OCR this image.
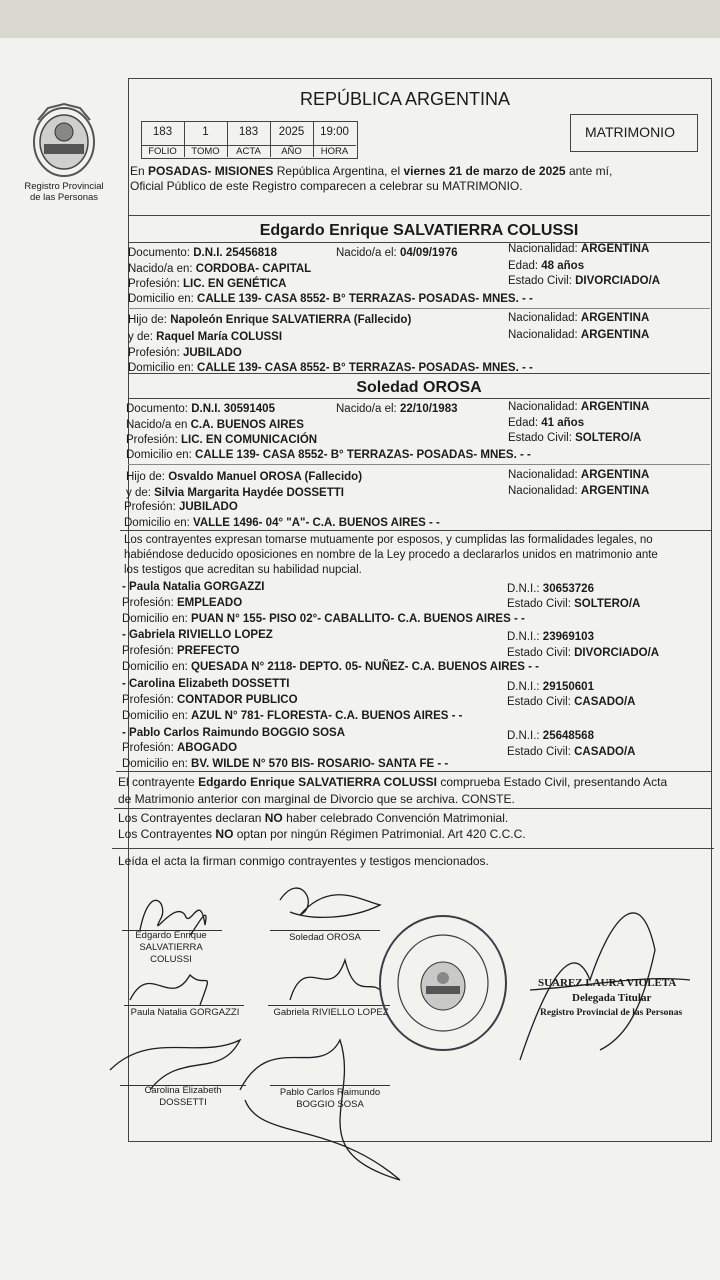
Registro Provincial
de las Personas
REPÚBLICA ARGENTINA
MATRIMONIO
183	1	183	2025	19:00
FOLIO	TOMO	ACTA	AÑO	HORA
En POSADAS- MISIONES República Argentina, el viernes 21 de marzo de 2025 ante mí,
Oficial Público de este Registro comparecen a celebrar su MATRIMONIO.
Edgardo Enrique SALVATIERRA COLUSSI
Documento: D.N.I. 25456818	Nacido/a el: 04/09/1976	Nacionalidad: ARGENTINA
Nacido/a en: CORDOBA- CAPITAL	Edad: 48 años
Profesión: LIC. EN GENÉTICA	Estado Civil: DIVORCIADO/A
Domicilio en: CALLE 139- CASA 8552- B° TERRAZAS- POSADAS- MNES. - -
Hijo de: Napoleón Enrique SALVATIERRA (Fallecido)	Nacionalidad: ARGENTINA
y de: Raquel María COLUSSI	Nacionalidad: ARGENTINA
Profesión: JUBILADO
Domicilio en: CALLE 139- CASA 8552- B° TERRAZAS- POSADAS- MNES. - -
Soledad OROSA
Documento: D.N.I. 30591405	Nacido/a el: 22/10/1983	Nacionalidad: ARGENTINA
Nacido/a en C.A. BUENOS AIRES	Edad: 41 años
Profesión: LIC. EN COMUNICACIÓN	Estado Civil: SOLTERO/A
Domicilio en: CALLE 139- CASA 8552- B° TERRAZAS- POSADAS- MNES. - -
Hijo de: Osvaldo Manuel OROSA (Fallecido)	Nacionalidad: ARGENTINA
y de: Silvia Margarita Haydée DOSSETTI	Nacionalidad: ARGENTINA
Profesión: JUBILADO
Domicilio en: VALLE 1496- 04° "A"- C.A. BUENOS AIRES - -
Los contrayentes expresan tomarse mutuamente por esposos, y cumplidas las formalidades legales, no
habiéndose deducido oposiciones en nombre de la Ley procedo a declararlos unidos en matrimonio ante
los testigos que acreditan su habilidad nupcial.
- Paula Natalia GORGAZZI	D.N.I.: 30653726
Profesión: EMPLEADO	Estado Civil: SOLTERO/A
Domicilio en: PUAN N° 155- PISO 02°- CABALLITO- C.A. BUENOS AIRES - -
- Gabriela RIVIELLO LOPEZ	D.N.I.: 23969103
Profesión: PREFECTO	Estado Civil: DIVORCIADO/A
Domicilio en: QUESADA N° 2118- DEPTO. 05- NUÑEZ- C.A. BUENOS AIRES - -
- Carolina Elizabeth DOSSETTI	D.N.I.: 29150601
Profesión: CONTADOR PUBLICO	Estado Civil: CASADO/A
Domicilio en: AZUL N° 781- FLORESTA- C.A. BUENOS AIRES - -
- Pablo Carlos Raimundo BOGGIO SOSA	D.N.I.: 25648568
Profesión: ABOGADO	Estado Civil: CASADO/A
Domicilio en: BV. WILDE N° 570 BIS- ROSARIO- SANTA FE - -
El contrayente Edgardo Enrique SALVATIERRA COLUSSI comprueba Estado Civil, presentando Acta
de Matrimonio anterior con marginal de Divorcio que se archiva. CONSTE.
Los Contrayentes declaran NO haber celebrado Convención Matrimonial.
Los Contrayentes NO optan por ningún Régimen Patrimonial. Art 420 C.C.C.
Leída el acta la firman conmigo contrayentes y testigos mencionados.
Edgardo Enrique
SALVATIERRA COLUSSI
Soledad OROSA
Paula Natalia GORGAZZI	Gabriela RIVIELLO LOPEZ
Carolina Elizabeth
DOSSETTI
Pablo Carlos Raimundo
BOGGIO SOSA
SUAREZ LAURA VIOLETA
Delegada Titular
Registro Provincial de las Personas
